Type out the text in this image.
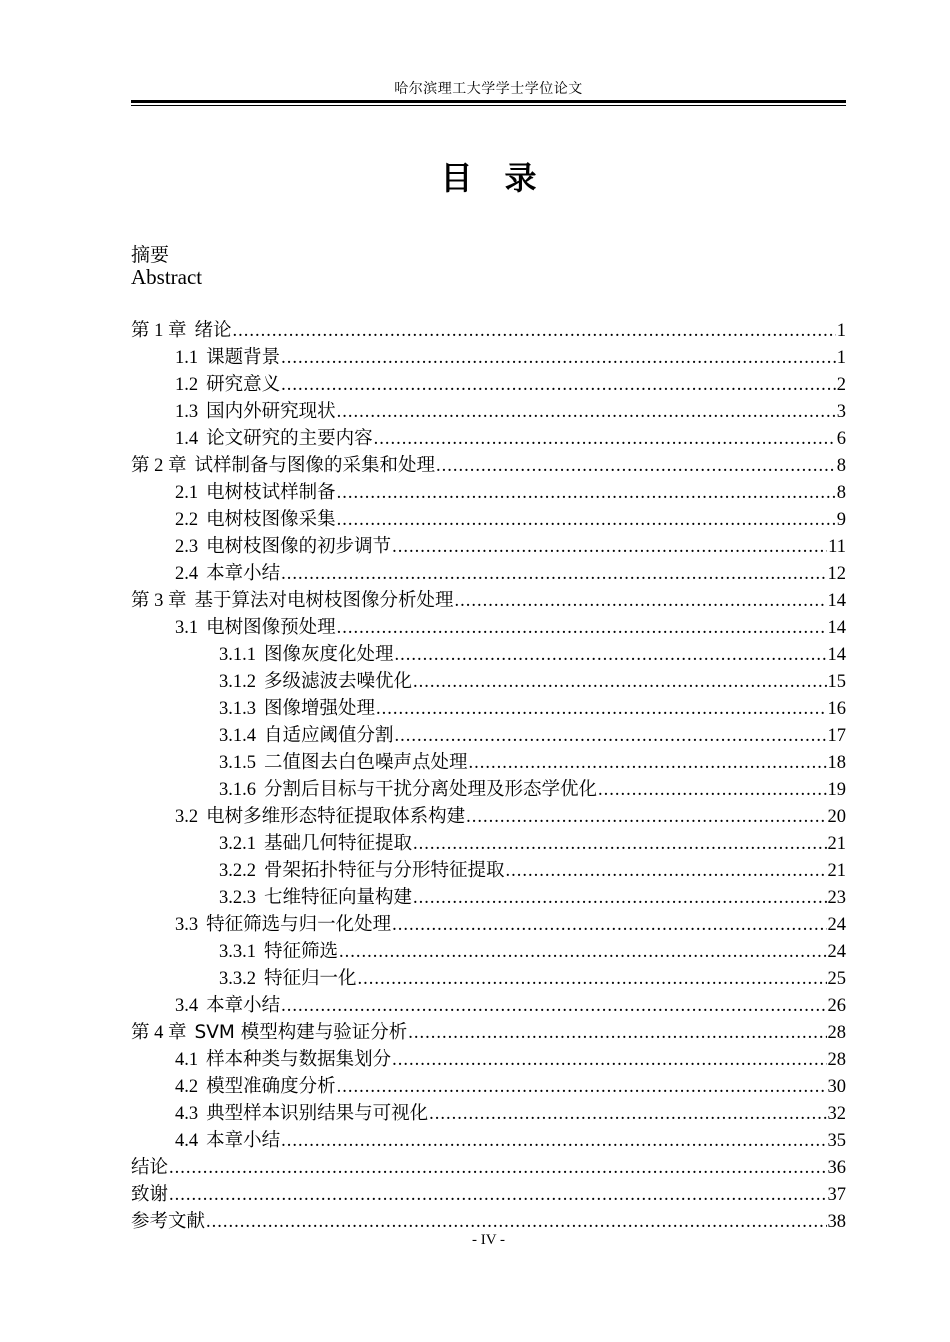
哈尔滨理工大学学士学位论文
目　录
摘要
Abstract
第 1 章 绪论 .....	1
1.1 课题背景 .....	1
1.2 研究意义 .....	2
1.3 国内外研究现状 .....	3
1.4 论文研究的主要内容 .....	6
第 2 章 试样制备与图像的采集和处理 .....	8
2.1 电树枝试样制备 .....	8
2.2 电树枝图像采集 .....	9
2.3 电树枝图像的初步调节 .....	11
2.4 本章小结 .....	12
第 3 章 基于算法对电树枝图像分析处理 .....	14
3.1 电树图像预处理 .....	14
3.1.1 图像灰度化处理 .....	14
3.1.2 多级滤波去噪优化 .....	15
3.1.3 图像增强处理 .....	16
3.1.4 自适应阈值分割 .....	17
3.1.5 二值图去白色噪声点处理 .....	18
3.1.6 分割后目标与干扰分离处理及形态学优化 .....	19
3.2 电树多维形态特征提取体系构建 .....	20
3.2.1 基础几何特征提取 .....	21
3.2.2 骨架拓扑特征与分形特征提取 .....	21
3.2.3 七维特征向量构建 .....	23
3.3 特征筛选与归一化处理 .....	24
3.3.1 特征筛选 .....	24
3.3.2 特征归一化 .....	25
3.4 本章小结 .....	26
第 4 章 SVM 模型构建与验证分析 .....	28
4.1 样本种类与数据集划分 .....	28
4.2 模型准确度分析 .....	30
4.3 典型样本识别结果与可视化 .....	32
4.4 本章小结 .....	35
结论 .....	36
致谢 .....	37
参考文献 .....	38
- IV -
